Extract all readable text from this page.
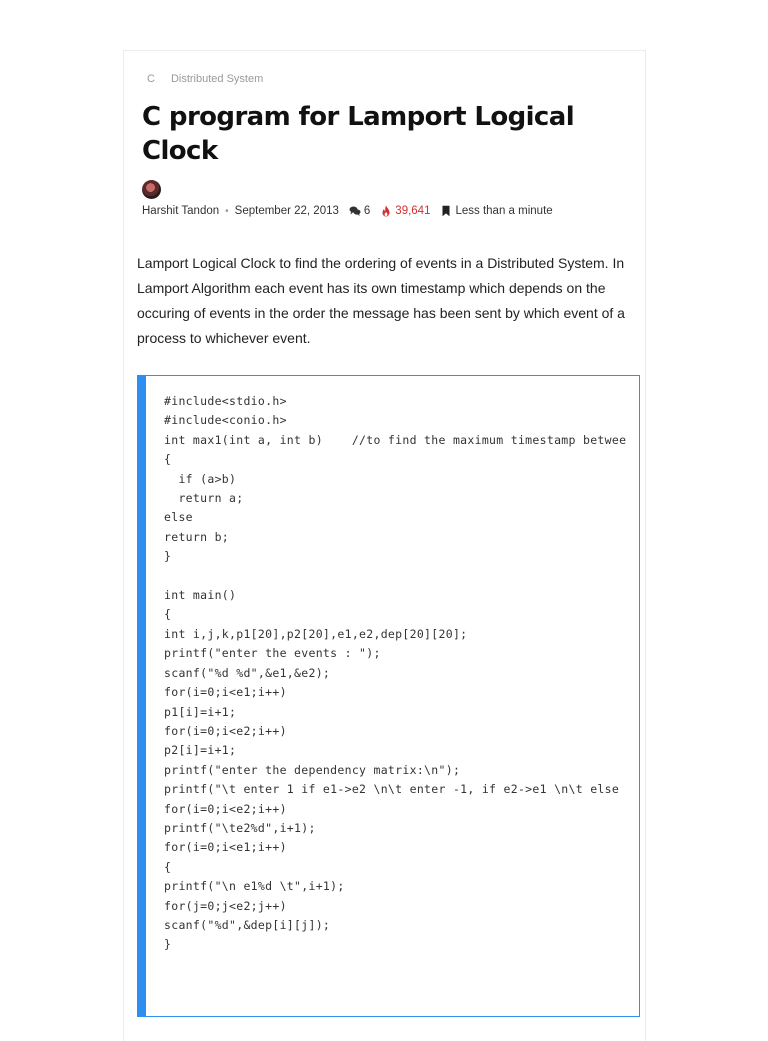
C Distributed System
C program for Lamport Logical Clock
Harshit Tandon • September 22, 2013 6 39,641 Less than a minute

Lamport Logical Clock to find the ordering of events in a Distributed System. In Lamport Algorithm each event has its own timestamp which depends on the occuring of events in the order the message has been sent by which event of a process to whichever event.

#include<stdio.h>
#include<conio.h>
int max1(int a, int b)    //to find the maximum timestamp betwee
{
if (a>b)
return a;
else
return b;
}

int main()
{
int i,j,k,p1[20],p2[20],e1,e2,dep[20][20];
printf("enter the events : ");
scanf("%d %d",&e1,&e2);
for(i=0;i<e1;i++)
p1[i]=i+1;
for(i=0;i<e2;i++)
p2[i]=i+1;
printf("enter the dependency matrix:\n");
printf("\t enter 1 if e1->e2 \n\t enter -1, if e2->e1 \n\t else
for(i=0;i<e2;i++)
printf("\te2%d",i+1);
for(i=0;i<e1;i++)
{
printf("\n e1%d \t",i+1);
for(j=0;j<e2;j++)
scanf("%d",&dep[i][j]);
}
